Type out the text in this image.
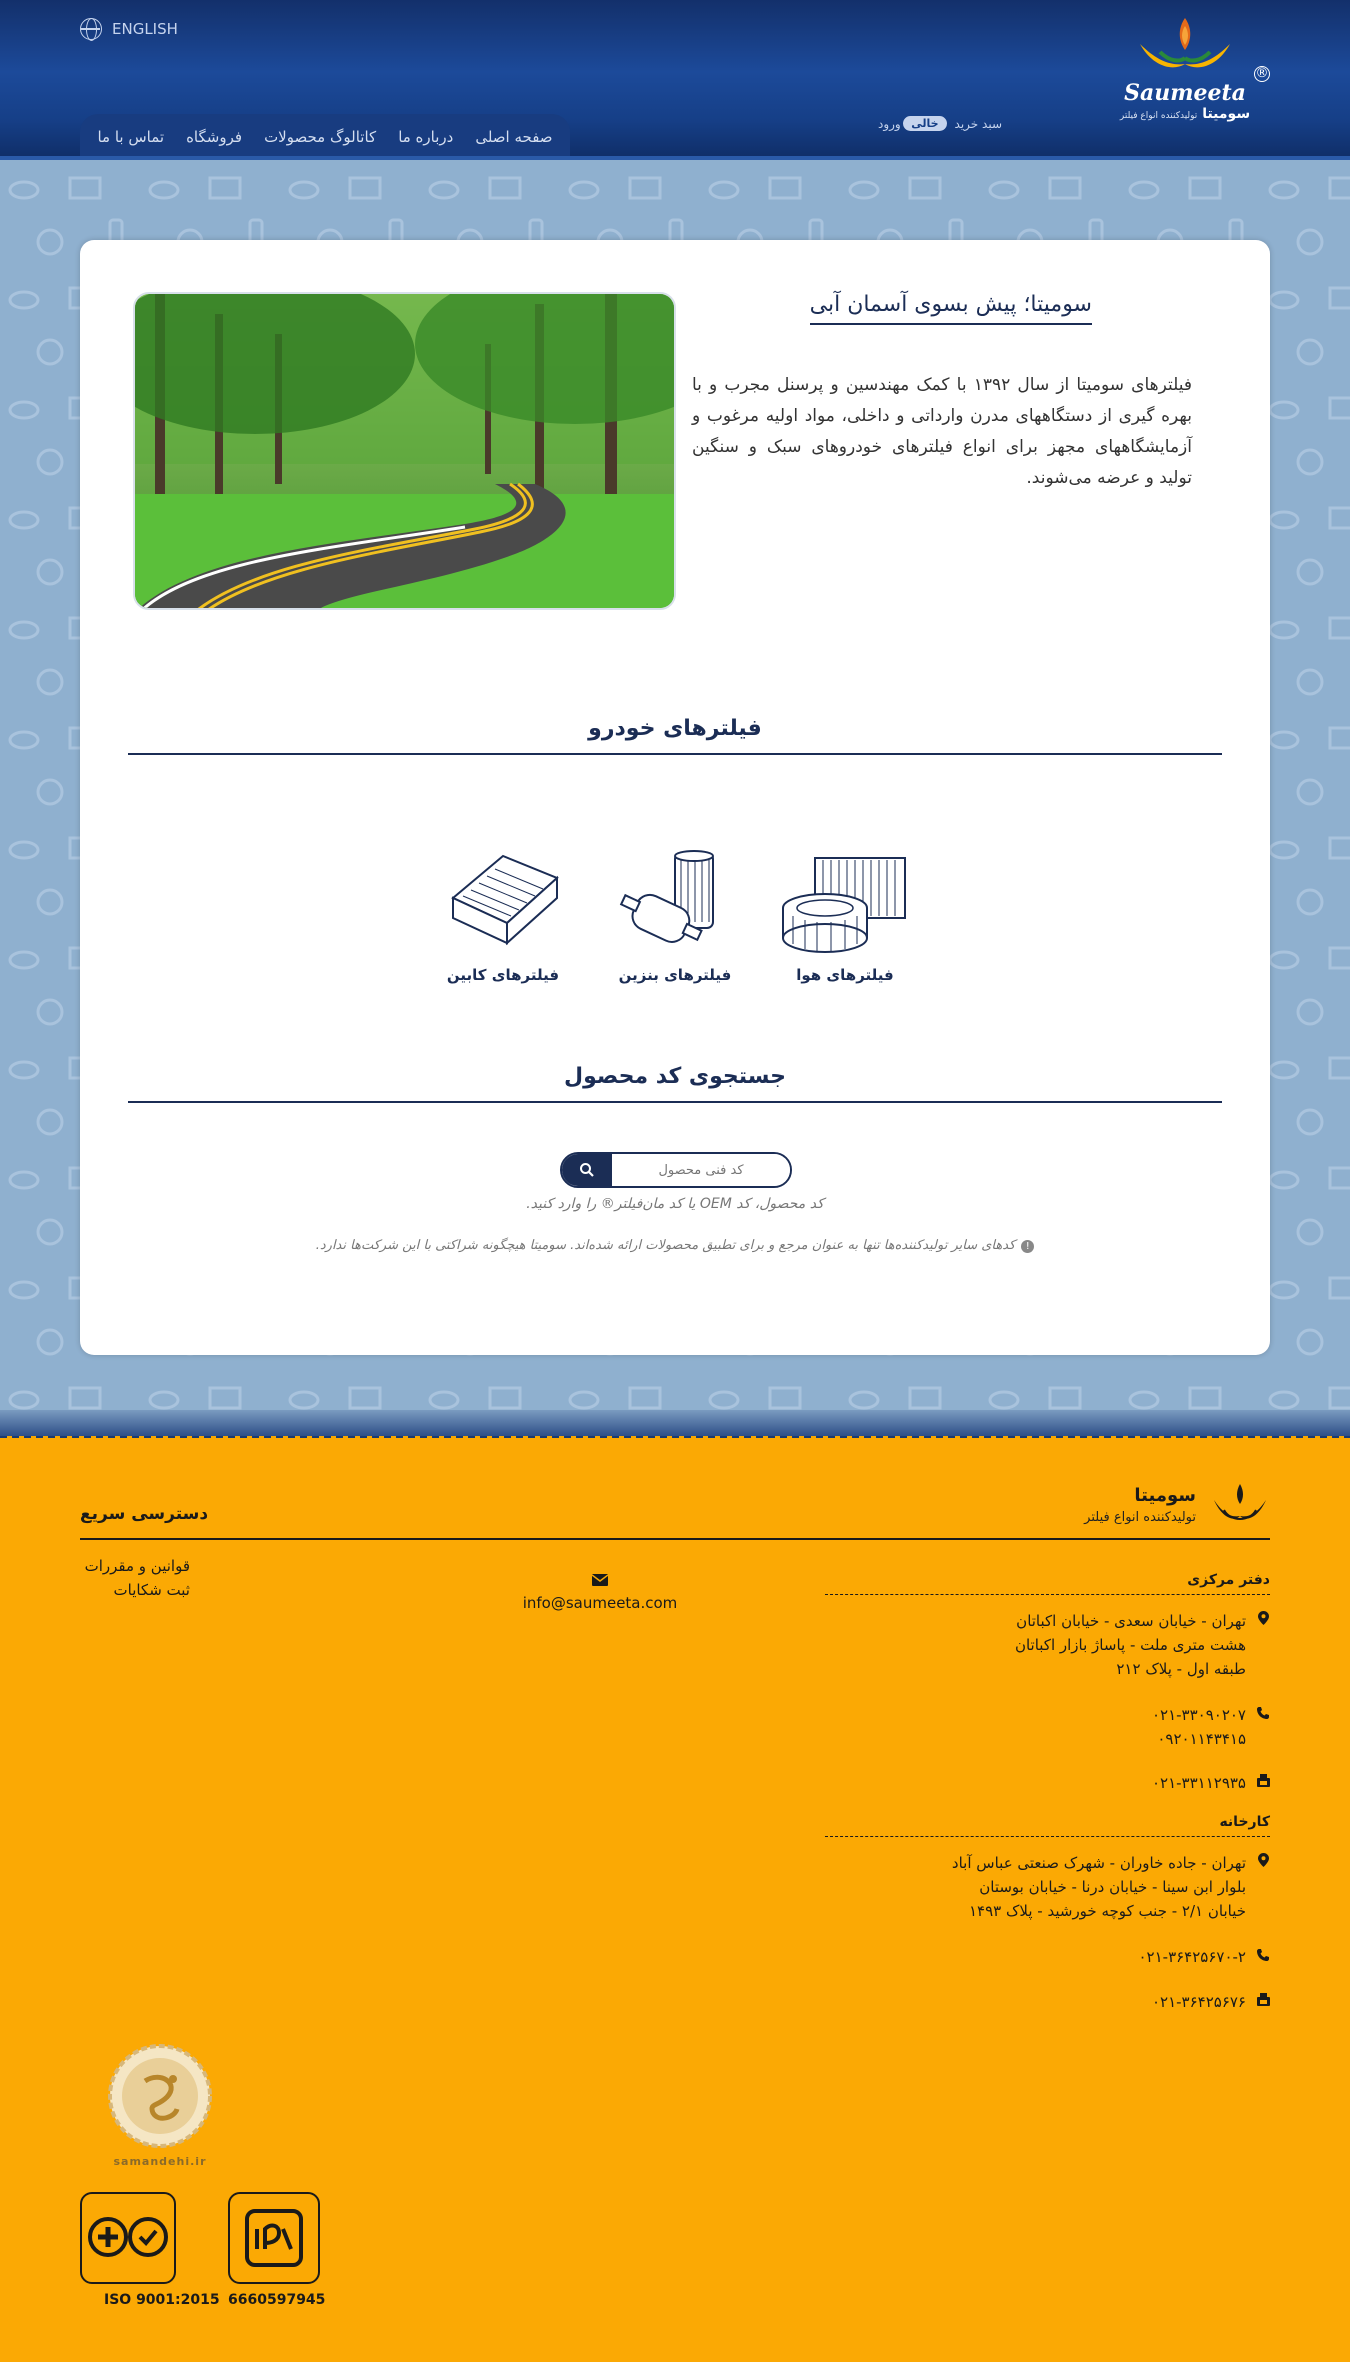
ENGLISH
Saumeeta
سومیتا تولیدکننده انواع فیلتر
®
سبد خرید
خالی
ورود
صفحه اصلی
درباره ما
کاتالوگ محصولات
فروشگاه
تماس با ما
سومیتا؛ پیش بسوی آسمان آبی
فیلترهای سومیتا از سال ۱۳۹۲ با کمک مهندسین و پرسنل مجرب و با بهره گیری از دستگاههای مدرن وارداتی و داخلی، مواد اولیه مرغوب و آزمایشگاههای مجهز برای انواع فیلترهای خودروهای سبک و سنگین تولید و عرضه می‌شوند.
فیلترهای خودرو
فیلترهای هوا
فیلترهای بنزین
فیلترهای کابین
جستجوی کد محصول
کد فنی محصول
کد محصول، کد OEM یا کد مان‌فیلتر® را وارد کنید.
!کدهای سایر تولیدکننده‌ها تنها به عنوان مرجع و برای تطبیق محصولات ارائه شده‌اند. سومیتا هیچگونه شراکتی با این شرکت‌ها ندارد.
سومیتا
تولیدکننده انواع فیلتر
دسترسی سریع
قوانین و مقررات
ثبت شکایات
info@saumeeta.com
دفتر مرکزی
تهران - خیابان سعدی - خیابان اکباتان
هشت متری ملت - پاساژ بازار اکباتان
طبقه اول - پلاک ۲۱۲
۰۲۱-۳۳۰۹۰۲۰۷
۰۹۲۰۱۱۴۳۴۱۵
۰۲۱-۳۳۱۱۲۹۳۵
کارخانه
تهران - جاده خاوران - شهرک صنعتی عباس آباد
بلوار ابن سینا - خیابان درنا - خیابان بوستان
خیابان ۲/۱ - جنب کوچه خورشید - پلاک ۱۴۹۳
۰۲۱-۳۶۴۲۵۶۷۰-۲
۰۲۱-۳۶۴۲۵۶۷۶
samandehi.ir
ISO 9001:2015 6660597945
